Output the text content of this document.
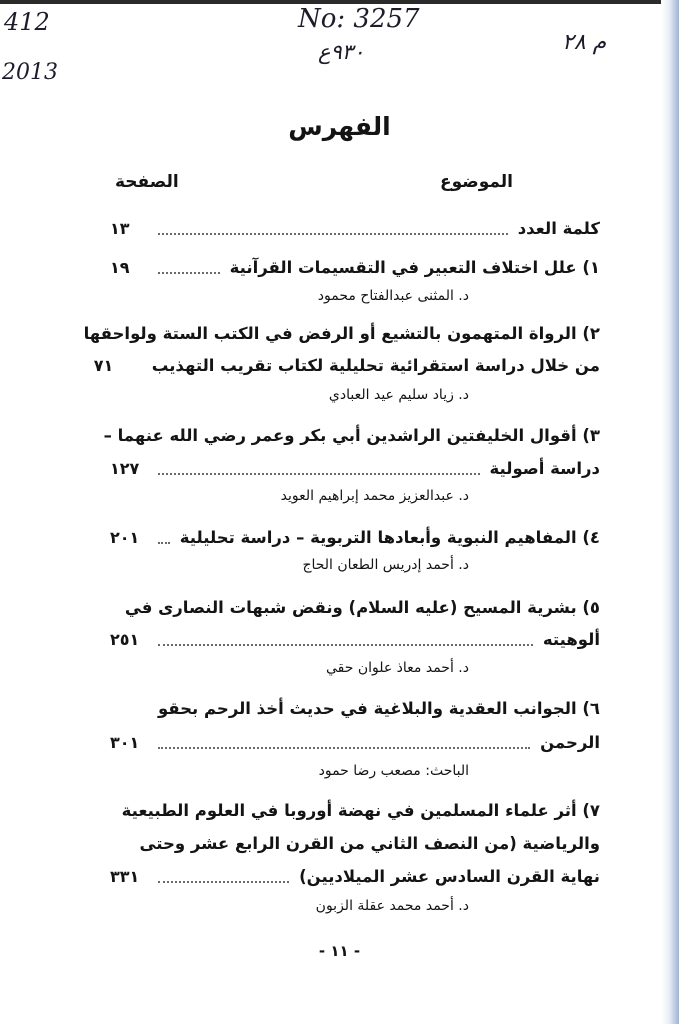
412
2013
No: 3257
٩٣٠ع	م ٢٨
الفهرس
الموضوع
الصفحة
كلمة العدد
١٣
١) علل اختلاف التعبير في التقسيمات القرآنية
١٩
د. المثنى عبدالفتاح محمود
٢) الرواة المتهمون بالتشيع أو الرفض في الكتب الستة ولواحقها
من خلال دراسة استقرائية تحليلية لكتاب تقريب التهذيب
٧١
د. زياد سليم عيد العبادي
٣) أقوال الخليفتين الراشدين أبي بكر وعمر رضي الله عنهما –
دراسة أصولية
١٢٧
د. عبدالعزيز محمد إبراهيم العويد
٤) المفاهيم النبوية وأبعادها التربوية – دراسة تحليلية
٢٠١
د. أحمد إدريس الطعان الحاج
٥) بشرية المسيح (عليه السلام) ونقض شبهات النصارى في
ألوهيته
٢٥١
د. أحمد معاذ علوان حقي
٦) الجوانب العقدية والبلاغية في حديث أخذ الرحم بحقو
الرحمن
٣٠١
الباحث: مصعب رضا حمود
٧) أثر علماء المسلمين في نهضة أوروبا في العلوم الطبيعية
والرياضية (من النصف الثاني من القرن الرابع عشر وحتى
نهاية القرن السادس عشر الميلاديين)
٣٣١
د. أحمد محمد عقلة الزبون
- ١١ -
